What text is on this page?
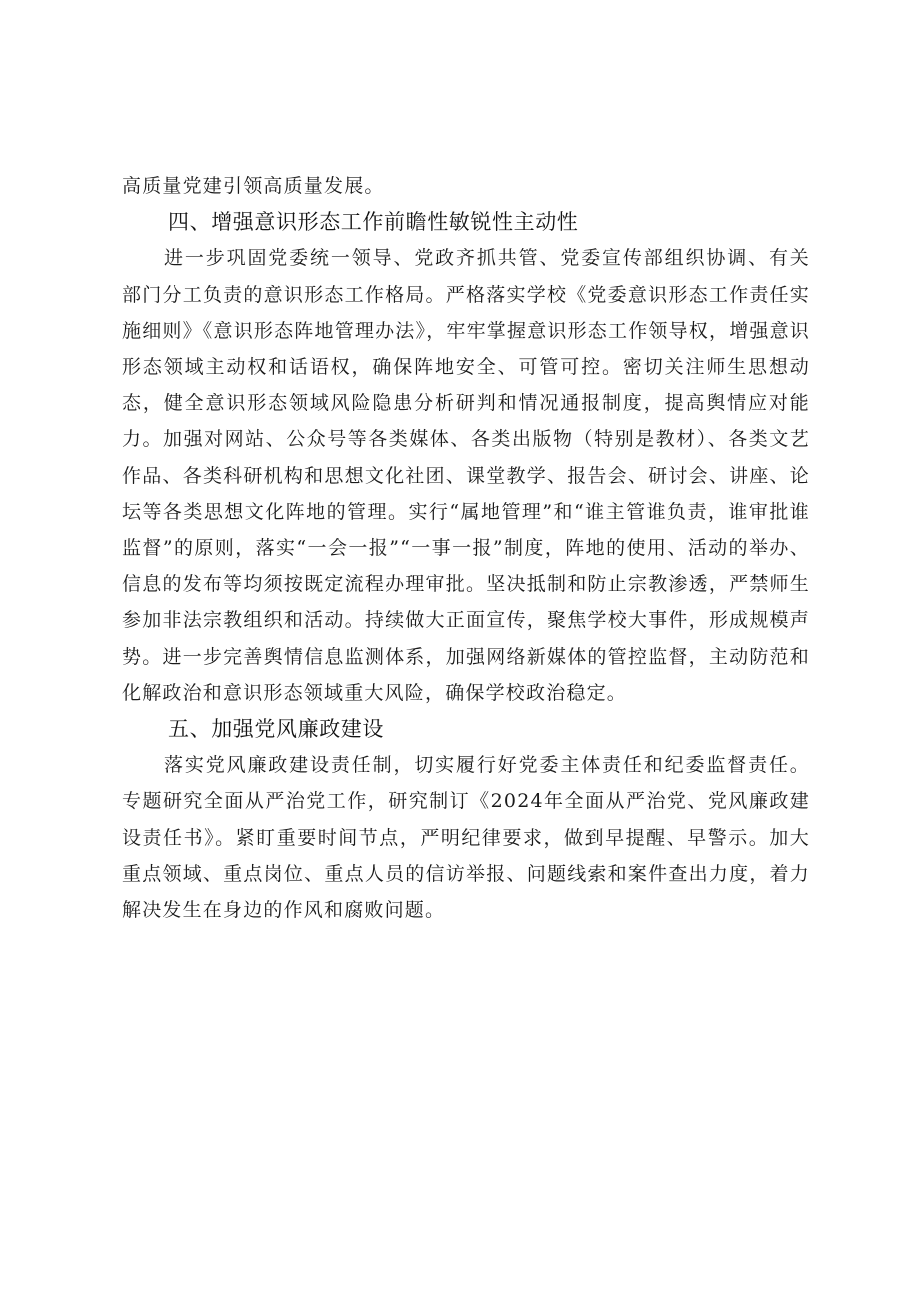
高质量党建引领高质量发展。

四、增强意识形态工作前瞻性敏锐性主动性

进一步巩固党委统一领导、党政齐抓共管、党委宣传部组织协调、有关部门分工负责的意识形态工作格局。严格落实学校《党委意识形态工作责任实施细则》《意识形态阵地管理办法》，牢牢掌握意识形态工作领导权，增强意识形态领域主动权和话语权，确保阵地安全、可管可控。密切关注师生思想动态，健全意识形态领域风险隐患分析研判和情况通报制度，提高舆情应对能力。加强对网站、公众号等各类媒体、各类出版物（特别是教材）、各类文艺作品、各类科研机构和思想文化社团、课堂教学、报告会、研讨会、讲座、论坛等各类思想文化阵地的管理。实行“属地管理”和“谁主管谁负责，谁审批谁监督”的原则，落实“一会一报”“一事一报”制度，阵地的使用、活动的举办、信息的发布等均须按既定流程办理审批。坚决抵制和防止宗教渗透，严禁师生参加非法宗教组织和活动。持续做大正面宣传，聚焦学校大事件，形成规模声势。进一步完善舆情信息监测体系，加强网络新媒体的管控监督，主动防范和化解政治和意识形态领域重大风险，确保学校政治稳定。

五、加强党风廉政建设

落实党风廉政建设责任制，切实履行好党委主体责任和纪委监督责任。专题研究全面从严治党工作，研究制订《2024年全面从严治党、党风廉政建设责任书》。紧盯重要时间节点，严明纪律要求，做到早提醒、早警示。加大重点领域、重点岗位、重点人员的信访举报、问题线索和案件查出力度，着力解决发生在身边的作风和腐败问题。
